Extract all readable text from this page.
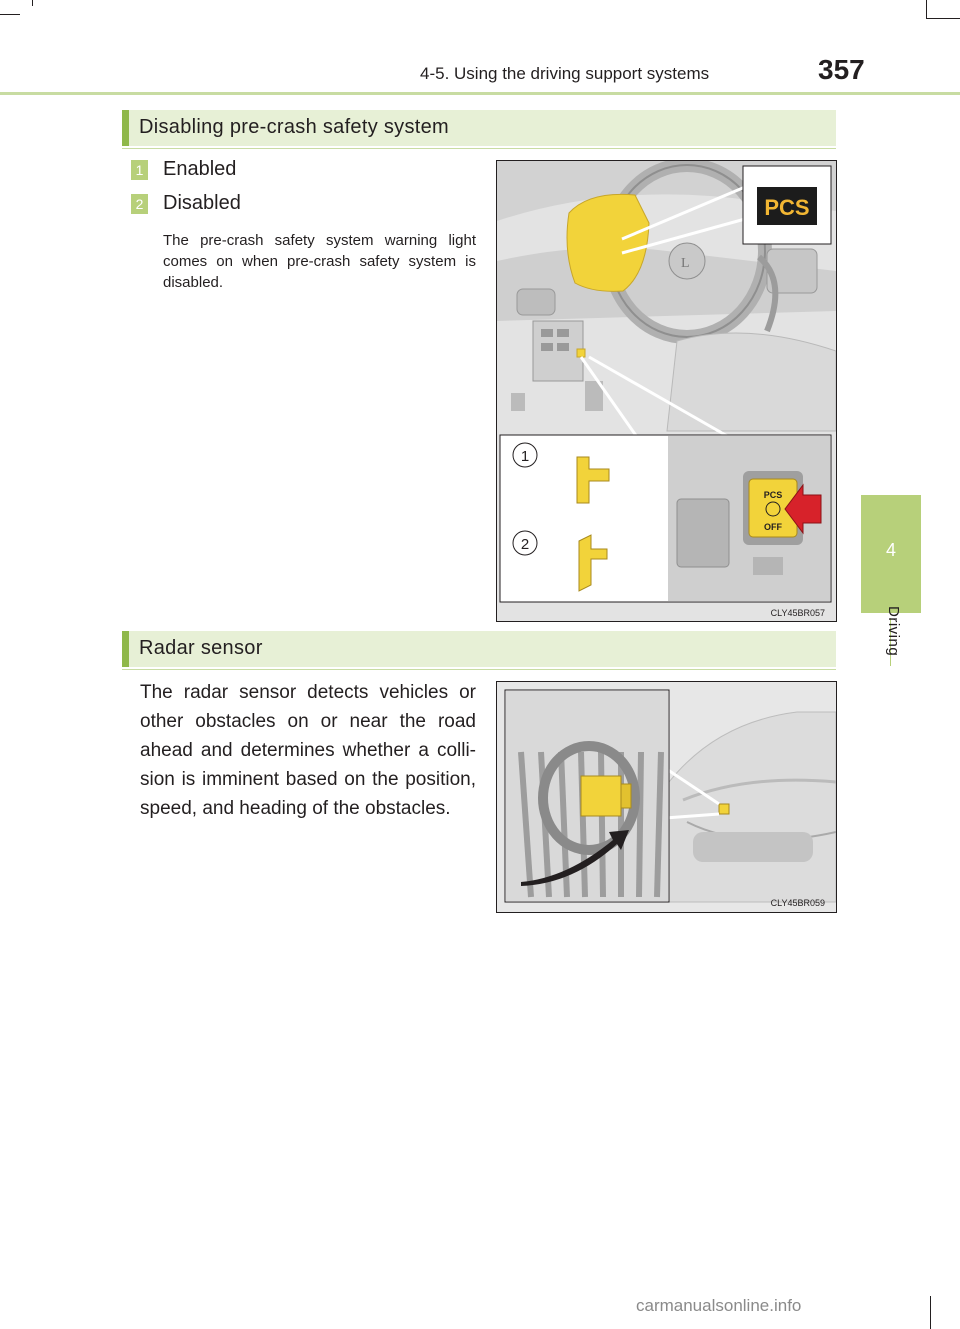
4-5. Using the driving support systems	357
4
Driving
Disabling pre-crash safety system
1 Enabled
2 Disabled
The pre-crash safety system warning light comes on when pre-crash safety system is disabled.
L
PCS
PCS
OFF
1
2
CLY45BR057
Radar sensor
The radar sensor detects vehicles or other obstacles on or near the road ahead and determines whether a colli-sion is imminent based on the position, speed, and heading of the obstacles.
CLY45BR059
carmanualsonline.info
